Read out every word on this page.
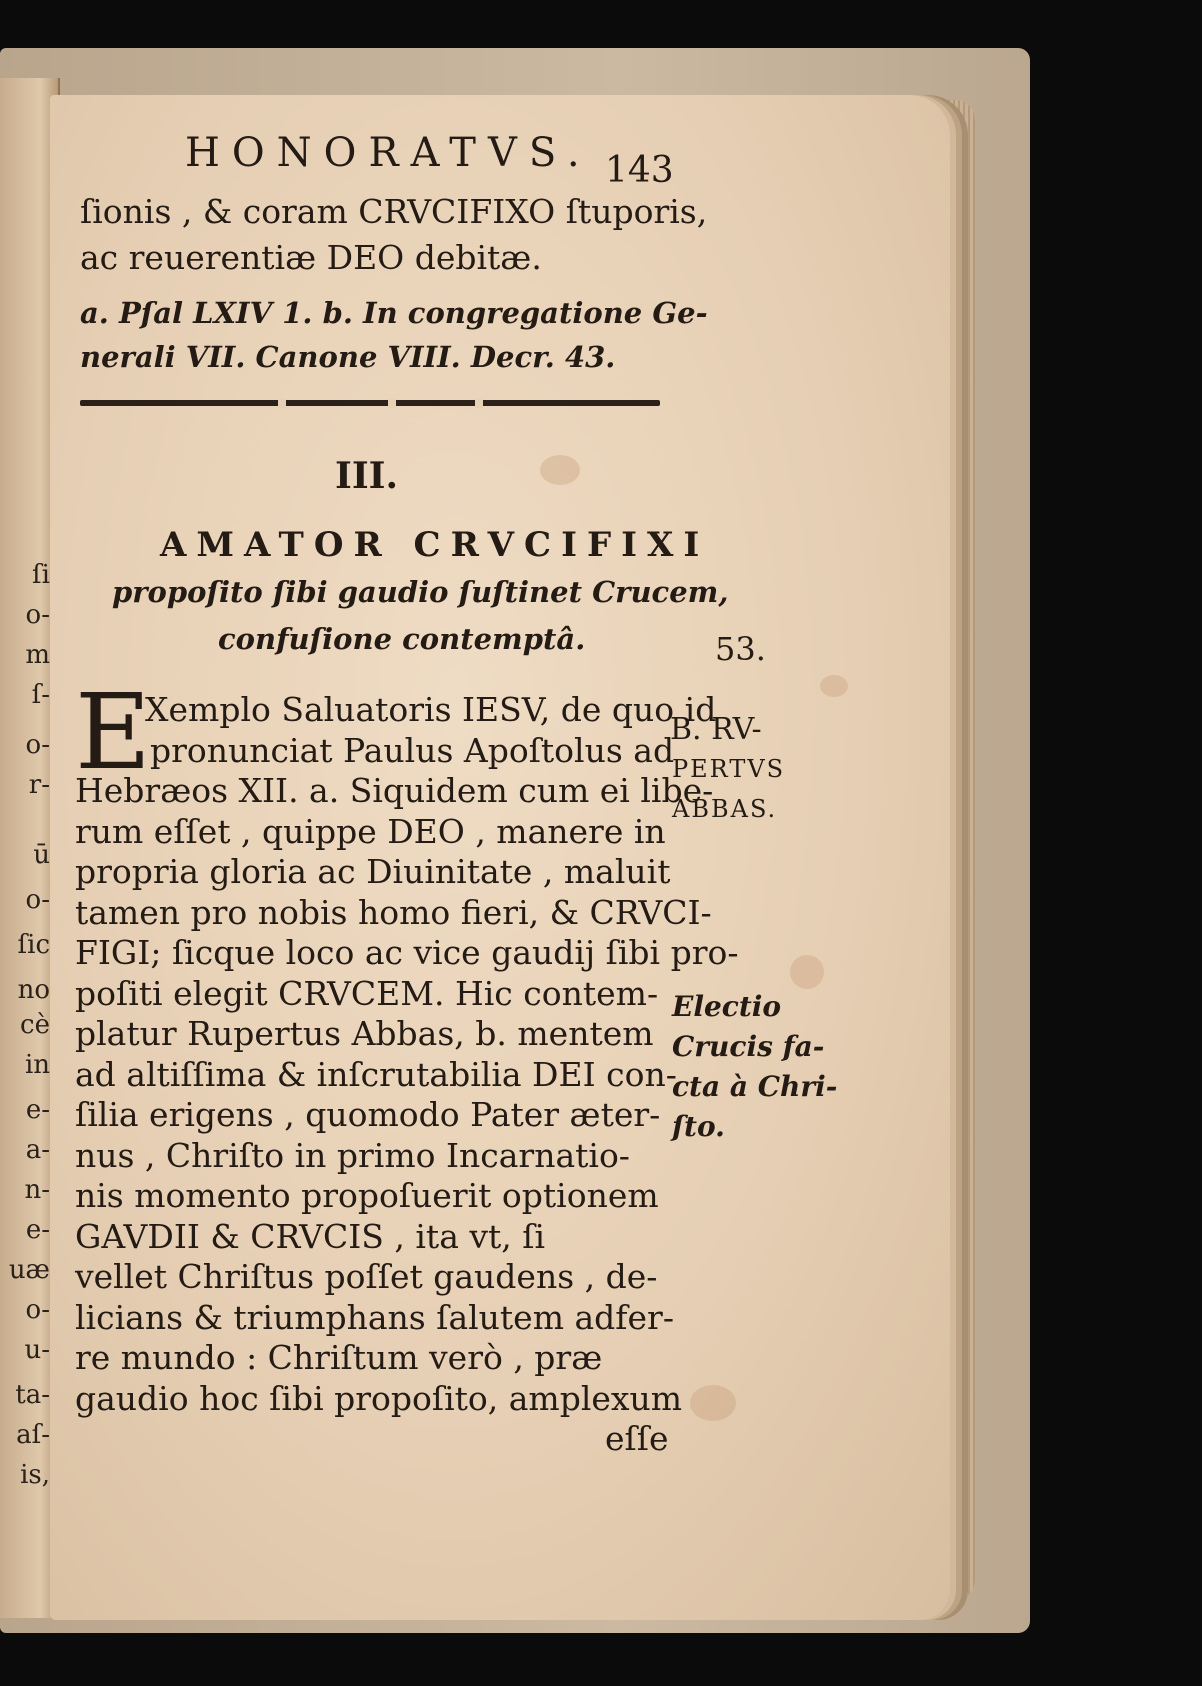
ſi
o-
m
ſ-
o-
r-
ū
o-
ſic
no
cè
in
e-
a-
n-
e-
uæ
o-
u-
ta-
aſ-
is,
HONORATVS. 143
ſionis , & coram CRVCIFIXO ſtuporis,
ac reuerentiæ DEO debitæ.
a. Pſal LXIV 1. b. In congregatione Ge-
nerali VII. Canone VIII. Decr. 43.
III.
AMATOR CRVCIFIXI
propoſito ſibi gaudio ſuſtinet Crucem,
confuſione contemptâ.	53.
E
Xemplo Saluatoris IESV, de quo id
pronunciat Paulus Apoſtolus ad
Hebræos XII. a. Siquidem cum ei libe-
rum eſſet , quippe DEO , manere in
propria gloria ac Diuinitate , maluit
tamen pro nobis homo fieri, & CRVCI-
FIGI; ſicque loco ac vice gaudij ſibi pro-
poſiti elegit CRVCEM. Hic contem-
platur Rupertus Abbas, b. mentem
ad altiſſima & inſcrutabilia DEI con-
ſilia erigens , quomodo Pater æter-
nus , Chriſto in primo Incarnatio-
nis momento propoſuerit optionem
GAVDII & CRVCIS , ita vt, ſi
vellet Chriſtus poſſet gaudens , de-
licians & triumphans ſalutem adfer-
re mundo : Chriſtum verò , præ
gaudio hoc ſibi propoſito, amplexum
eſſe
B. RV-
PERTVS
ABBAS.
Electio
Crucis fa-
cta à Chri-
ſto.
